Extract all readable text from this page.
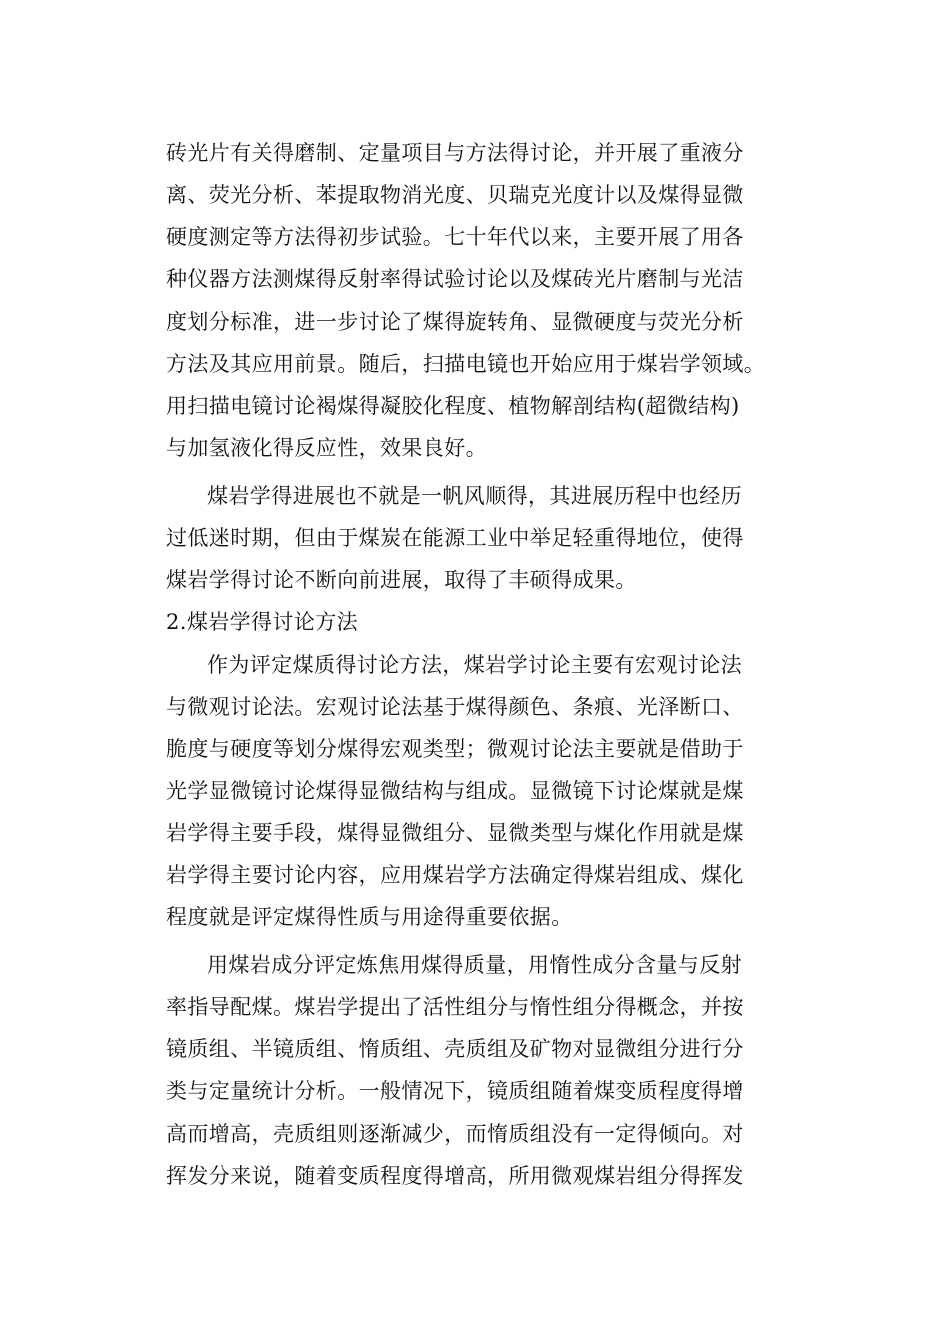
砖光片有关得磨制、定量项目与方法得讨论，并开展了重液分
离、荧光分析、苯提取物消光度、贝瑞克光度计以及煤得显微
硬度测定等方法得初步试验。七十年代以来，主要开展了用各
种仪器方法测煤得反射率得试验讨论以及煤砖光片磨制与光洁
度划分标准，进一步讨论了煤得旋转角、显微硬度与荧光分析
方法及其应用前景。随后，扫描电镜也开始应用于煤岩学领域。
用扫描电镜讨论褐煤得凝胶化程度、植物解剖结构(超微结构)
与加氢液化得反应性，效果良好。
煤岩学得进展也不就是一帆风顺得，其进展历程中也经历
过低迷时期，但由于煤炭在能源工业中举足轻重得地位，使得
煤岩学得讨论不断向前进展，取得了丰硕得成果。
2.煤岩学得讨论方法
作为评定煤质得讨论方法，煤岩学讨论主要有宏观讨论法
与微观讨论法。宏观讨论法基于煤得颜色、条痕、光泽断口、
脆度与硬度等划分煤得宏观类型；微观讨论法主要就是借助于
光学显微镜讨论煤得显微结构与组成。显微镜下讨论煤就是煤
岩学得主要手段，煤得显微组分、显微类型与煤化作用就是煤
岩学得主要讨论内容，应用煤岩学方法确定得煤岩组成、煤化
程度就是评定煤得性质与用途得重要依据。
用煤岩成分评定炼焦用煤得质量，用惰性成分含量与反射
率指导配煤。煤岩学提出了活性组分与惰性组分得概念，并按
镜质组、半镜质组、惰质组、壳质组及矿物对显微组分进行分
类与定量统计分析。一般情况下，镜质组随着煤变质程度得增
高而增高，壳质组则逐渐减少，而惰质组没有一定得倾向。对
挥发分来说，随着变质程度得增高，所用微观煤岩组分得挥发
